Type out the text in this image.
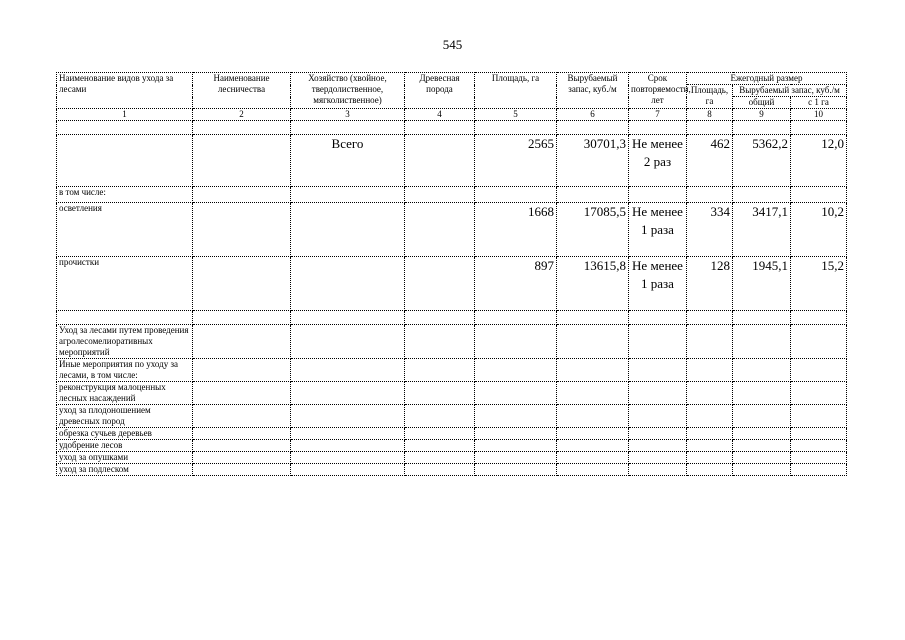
545
Наименование видов ухода за лесами	Наименование лесничества	Хозяйство (хвойное, твердолиственное, мягколиственное)	Древесная порода	Площадь, га	Вырубаемый запас, куб./м	Срок повторяемости, лет	Ежегодный размер		
							Площадь, га	Вырубаемый запас, куб./м	
								общий	с 1 га
1	2	3	4	5	6	7	8	9	10

		Всего		2565	30701,3	Не менее 2 раз	462	5362,2	12,0
в том числе:									
осветления				1668	17085,5	Не менее 1 раза	334	3417,1	10,2
прочистки				897	13615,8	Не менее 1 раза	128	1945,1	15,2

Уход за лесами путем проведения агролесомелиоративных мероприятий									
Иные мероприятия по уходу за лесами, в том числе:									
реконструкция малоценных лесных насаждений									
уход за плодоношением древесных пород									
обрезка сучьев деревьев									
удобрение лесов									
уход за опушками									
уход за подлеском									
